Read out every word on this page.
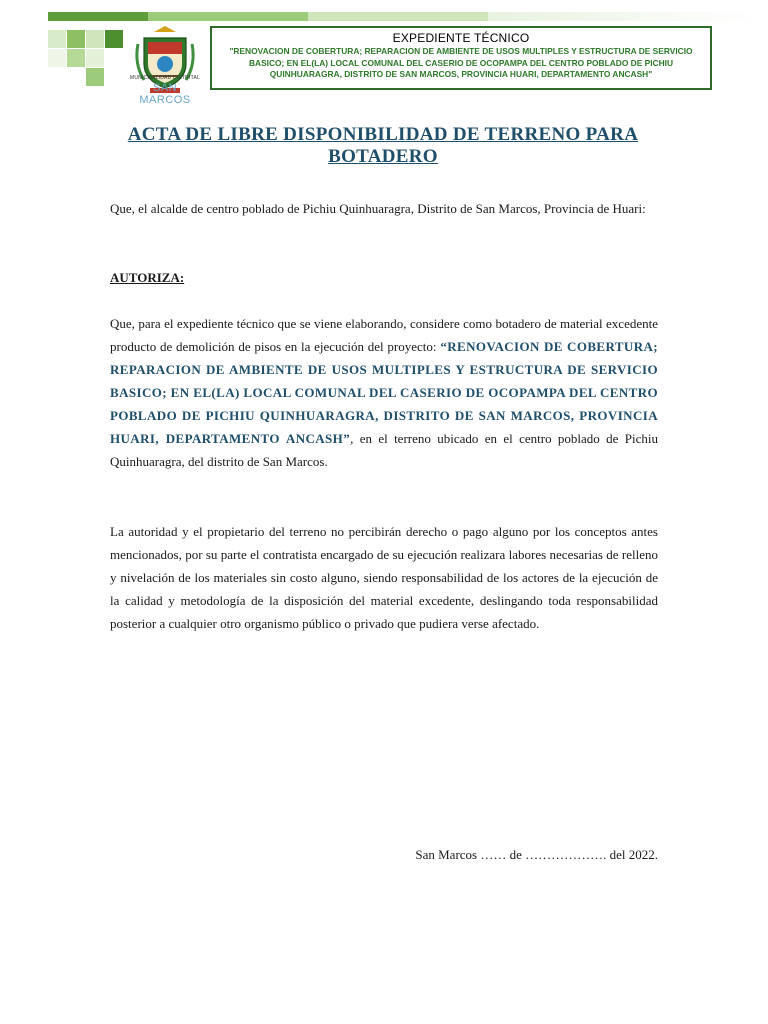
MUNICIPALIDAD DISTRITAL
SAN MARCOS
EXPEDIENTE TÉCNICO
"RENOVACION DE COBERTURA; REPARACION DE AMBIENTE DE USOS MULTIPLES Y ESTRUCTURA DE SERVICIO BASICO; EN EL(LA) LOCAL COMUNAL DEL CASERIO DE OCOPAMPA DEL CENTRO POBLADO DE PICHIU QUINHUARAGRA, DISTRITO DE SAN MARCOS, PROVINCIA HUARI, DEPARTAMENTO ANCASH"
ACTA DE LIBRE DISPONIBILIDAD DE TERRENO PARA BOTADERO
Que, el alcalde de centro poblado de Pichiu Quinhuaragra, Distrito de San Marcos, Provincia de Huari:
AUTORIZA:
Que, para el expediente técnico que se viene elaborando, considere como botadero de material excedente producto de demolición de pisos en la ejecución del proyecto: “RENOVACION DE COBERTURA; REPARACION DE AMBIENTE DE USOS MULTIPLES Y ESTRUCTURA DE SERVICIO BASICO; EN EL(LA) LOCAL COMUNAL DEL CASERIO DE OCOPAMPA DEL CENTRO POBLADO DE PICHIU QUINHUARAGRA, DISTRITO DE SAN MARCOS, PROVINCIA HUARI, DEPARTAMENTO ANCASH”, en el terreno ubicado en el centro poblado de Pichiu Quinhuaragra, del distrito de San Marcos.
La autoridad y el propietario del terreno no percibirán derecho o pago alguno por los conceptos antes mencionados, por su parte el contratista encargado de su ejecución realizara labores necesarias de relleno y nivelación de los materiales sin costo alguno, siendo responsabilidad de los actores de la ejecución de la calidad y metodología de la disposición del material excedente, deslingando toda responsabilidad posterior a cualquier otro organismo público o privado que pudiera verse afectado.
San Marcos …… de ………………. del 2022.
